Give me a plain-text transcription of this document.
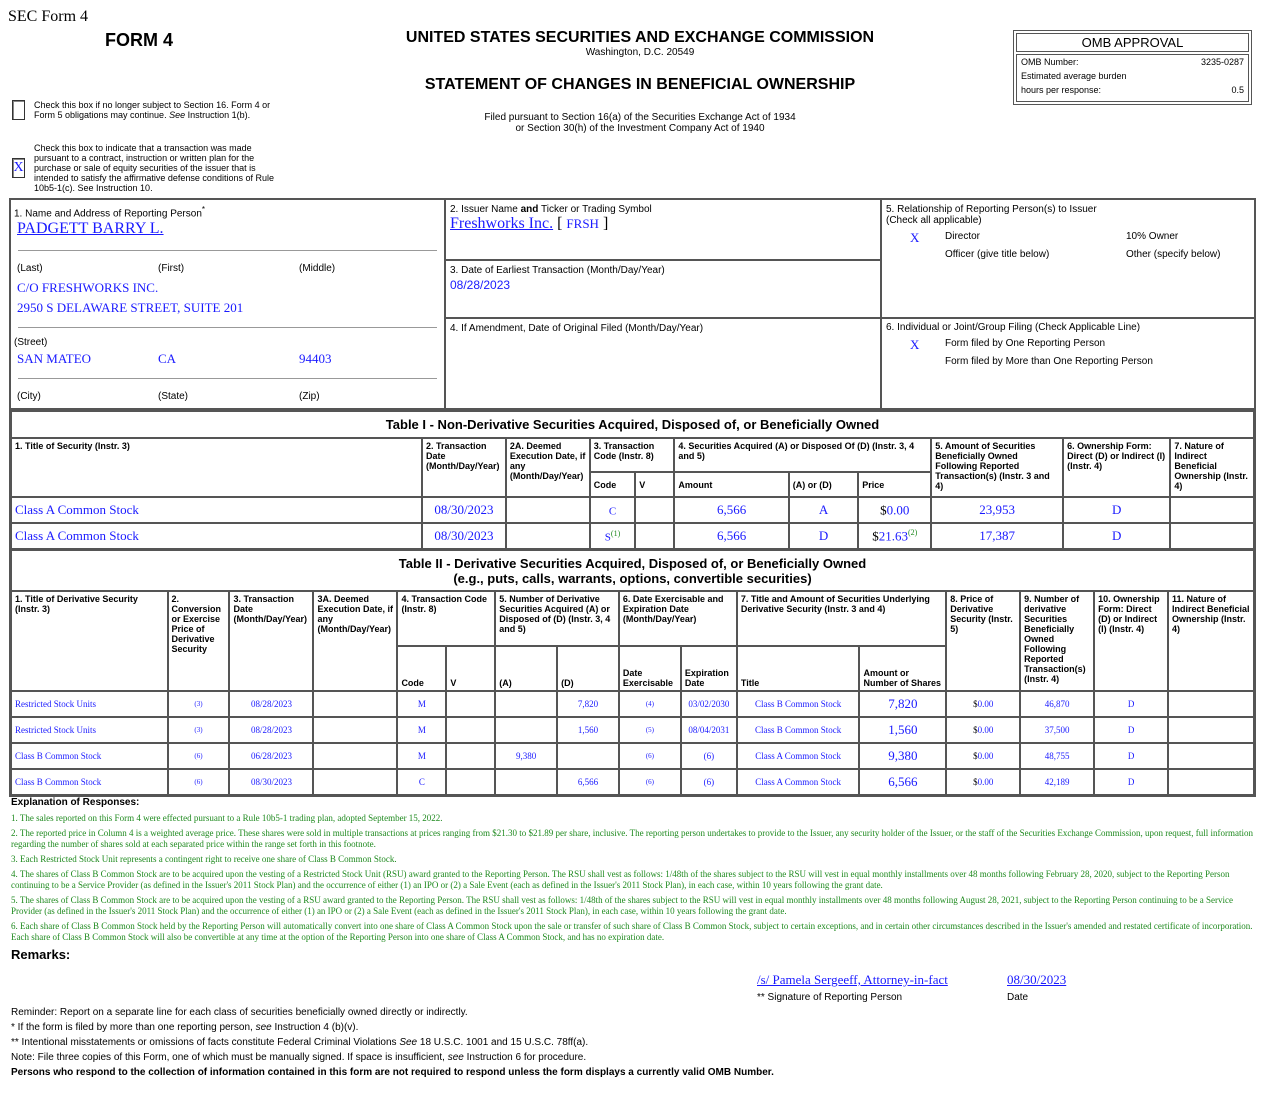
SEC Form 4
FORM 4	UNITED STATES SECURITIES AND EXCHANGE COMMISSION
Washington, D.C. 20549
STATEMENT OF CHANGES IN BENEFICIAL OWNERSHIP
Filed pursuant to Section 16(a) of the Securities Exchange Act of 1934
or Section 30(h) of the Investment Company Act of 1940
OMB APPROVAL
OMB Number:	3235-0287
Estimated average burden
hours per response:	0.5
Check this box if no longer subject to Section 16. Form 4 or Form 5 obligations may continue. See Instruction 1(b).
X
Check this box to indicate that a transaction was made pursuant to a contract, instruction or written plan for the purchase or sale of equity securities of the issuer that is intended to satisfy the affirmative defense conditions of Rule 10b5-1(c). See Instruction 10.
1. Name and Address of Reporting Person*
PADGETT BARRY L.
(Last)	(First)	(Middle)
C/O FRESHWORKS INC.
2950 S DELAWARE STREET, SUITE 201
(Street)
SAN MATEO	CA	94403
(City)	(State)	(Zip)
2. Issuer Name and Ticker or Trading Symbol
Freshworks Inc. [ FRSH ]
3. Date of Earliest Transaction (Month/Day/Year)
08/28/2023
4. If Amendment, Date of Original Filed (Month/Day/Year)
5. Relationship of Reporting Person(s) to Issuer
(Check all applicable)
X	Director	10% Owner
Officer (give title below)	Other (specify below)
6. Individual or Joint/Group Filing (Check Applicable Line)
X	Form filed by One Reporting Person
Form filed by More than One Reporting Person
Table I - Non-Derivative Securities Acquired, Disposed of, or Beneficially Owned										
1. Title of Security (Instr. 3)	2. Transaction Date (Month/Day/Year)	2A. Deemed Execution Date, if any (Month/Day/Year)	3. Transaction Code (Instr. 8)		4. Securities Acquired (A) or Disposed Of (D) (Instr. 3, 4 and 5)			5. Amount of Securities Beneficially Owned Following Reported Transaction(s) (Instr. 3 and 4)	6. Ownership Form: Direct (D) or Indirect (I) (Instr. 4)	7. Nature of Indirect Beneficial Ownership (Instr. 4)
			Code	V	Amount	(A) or (D)	Price			
Class A Common Stock	08/30/2023		C		6,566	A	$0.00	23,953	D	
Class A Common Stock	08/30/2023		$S^{(1)}$		6,566	D	$21.63$^{(2)}$	17,387	D	
Table II - Derivative Securities Acquired, Disposed of, or Beneficially Owned
(e.g., puts, calls, warrants, options, convertible securities)															

1. Title of Derivative Security (Instr. 3)	2. Conversion or Exercise Price of Derivative Security	3. Transaction Date (Month/Day/Year)	3A. Deemed Execution Date, if any (Month/Day/Year)	4. Transaction Code (Instr. 8)		5. Number of Derivative Securities Acquired (A) or Disposed of (D) (Instr. 3, 4 and 5)		6. Date Exercisable and Expiration Date (Month/Day/Year)		7. Title and Amount of Securities Underlying Derivative Security (Instr. 3 and 4)		8. Price of Derivative Security (Instr. 5)	9. Number of derivative Securities Beneficially Owned Following Reported Transaction(s) (Instr. 4)	10. Ownership Form: Direct (D) or Indirect (I) (Instr. 4)	11. Nature of Indirect Beneficial Ownership (Instr. 4)
				Code	V	(A)	(D)	Date Exercisable	Expiration Date	Title	Amount or Number of Shares				
Restricted Stock Units	(3)	08/28/2023		M			7,820	(4)	03/02/2030	Class B Common Stock	7,820	$0.00	46,870	D	
Restricted Stock Units	(3)	08/28/2023		M			1,560	(5)	08/04/2031	Class B Common Stock	1,560	$0.00	37,500	D	
Class B Common Stock	(6)	06/28/2023		M		9,380		(6)	(6)	Class A Common Stock	9,380	$0.00	48,755	D	
Class B Common Stock	(6)	08/30/2023		C			6,566	(6)	(6)	Class A Common Stock	6,566	$0.00	42,189	D	
Explanation of Responses:
1. The sales reported on this Form 4 were effected pursuant to a Rule 10b5-1 trading plan, adopted September 15, 2022.
2. The reported price in Column 4 is a weighted average price. These shares were sold in multiple transactions at prices ranging from $21.30 to $21.89 per share, inclusive. The reporting person undertakes to provide to the Issuer, any security holder of the Issuer, or the staff of the Securities Exchange Commission, upon request, full information regarding the number of shares sold at each separated price within the range set forth in this footnote.
3. Each Restricted Stock Unit represents a contingent right to receive one share of Class B Common Stock.
4. The shares of Class B Common Stock are to be acquired upon the vesting of a Restricted Stock Unit (RSU) award granted to the Reporting Person. The RSU shall vest as follows: 1/48th of the shares subject to the RSU will vest in equal monthly installments over 48 months following February 28, 2020, subject to the Reporting Person continuing to be a Service Provider (as defined in the Issuer's 2011 Stock Plan) and the occurrence of either (1) an IPO or (2) a Sale Event (each as defined in the Issuer's 2011 Stock Plan), in each case, within 10 years following the grant date.
5. The shares of Class B Common Stock are to be acquired upon the vesting of a RSU award granted to the Reporting Person. The RSU shall vest as follows: 1/48th of the shares subject to the RSU will vest in equal monthly installments over 48 months following August 28, 2021, subject to the Reporting Person continuing to be a Service Provider (as defined in the Issuer's 2011 Stock Plan) and the occurrence of either (1) an IPO or (2) a Sale Event (each as defined in the Issuer's 2011 Stock Plan), in each case, within 10 years following the grant date.
6. Each share of Class B Common Stock held by the Reporting Person will automatically convert into one share of Class A Common Stock upon the sale or transfer of such share of Class B Common Stock, subject to certain exceptions, and in certain other circumstances described in the Issuer's amended and restated certificate of incorporation. Each share of Class B Common Stock will also be convertible at any time at the option of the Reporting Person into one share of Class A Common Stock, and has no expiration date.
Remarks:
/s/ Pamela Sergeeff, Attorney-in-fact	08/30/2023
** Signature of Reporting Person	Date
Reminder: Report on a separate line for each class of securities beneficially owned directly or indirectly.
* If the form is filed by more than one reporting person, see Instruction 4 (b)(v).
** Intentional misstatements or omissions of facts constitute Federal Criminal Violations See 18 U.S.C. 1001 and 15 U.S.C. 78ff(a).
Note: File three copies of this Form, one of which must be manually signed. If space is insufficient, see Instruction 6 for procedure.
Persons who respond to the collection of information contained in this form are not required to respond unless the form displays a currently valid OMB Number.
